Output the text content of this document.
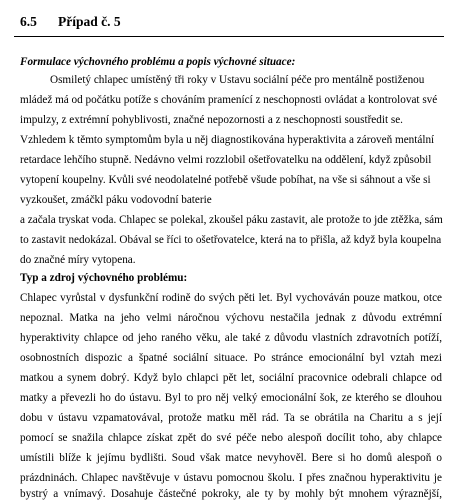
6.5 Případ č. 5
Formulace výchovného problému a popis výchovné situace:
Osmiletý chlapec umístěný tři roky v Ustavu sociální péče pro mentálně postiženou
mládež má od počátku potíže s chováním pramenící z neschopnosti ovládat a kontrolovat své
impulzy, z extrémní pohyblivosti, značné nepozornosti a z neschopnosti soustředit se.
Vzhledem k těmto symptomům byla u něj diagnostikována hyperaktivita a zároveň mentální
retardace lehčího stupně. Nedávno velmi rozzlobil ošetřovatelku na oddělení, když způsobil
vytopení koupelny. Kvůli své neodolatelné potřebě všude pobíhat, na vše si sáhnout a vše si
vyzkoušet, zmáčkl páku vodovodní baterie
a začala tryskat voda. Chlapec se polekal, zkoušel páku zastavit, ale protože to jde ztěžka, sám
to zastavit nedokázal. Obával se říci to ošetřovatelce, která na to přišla, až když byla koupelna
do značné míry vytopena.
Typ a zdroj výchovného problému:
Chlapec vyrůstal v dysfunkční rodině do svých pěti let. Byl vychováván pouze matkou, otce
nepoznal. Matka na jeho velmi náročnou výchovu nestačila jednak z důvodu extrémní
hyperaktivity chlapce od jeho raného věku, ale také z důvodu vlastních zdravotních potíží,
osobnostních dispozic a špatné sociální situace. Po stránce emocionální byl vztah mezi
matkou a synem dobrý. Když bylo chlapci pět let, sociální pracovnice odebrali chlapce od
matky a převezli ho do ústavu. Byl to pro něj velký emocionální šok, ze kterého se dlouhou
dobu v ústavu vzpamatovával, protože matku měl rád. Ta se obrátila na Charitu a s její
pomocí se snažila chlapce získat zpět do své péče nebo alespoň docílit toho, aby chlapce
umístili blíže k jejímu bydlišti. Soud však matce nevyhověl. Bere si ho domů alespoň o
prázdninách. Chlapec navštěvuje v ústavu pomocnou školu. I přes značnou hyperaktivitu je
bystrý a vnímavý. Dosahuje částečné pokroky, ale ty by mohly být mnohem výraznější,
